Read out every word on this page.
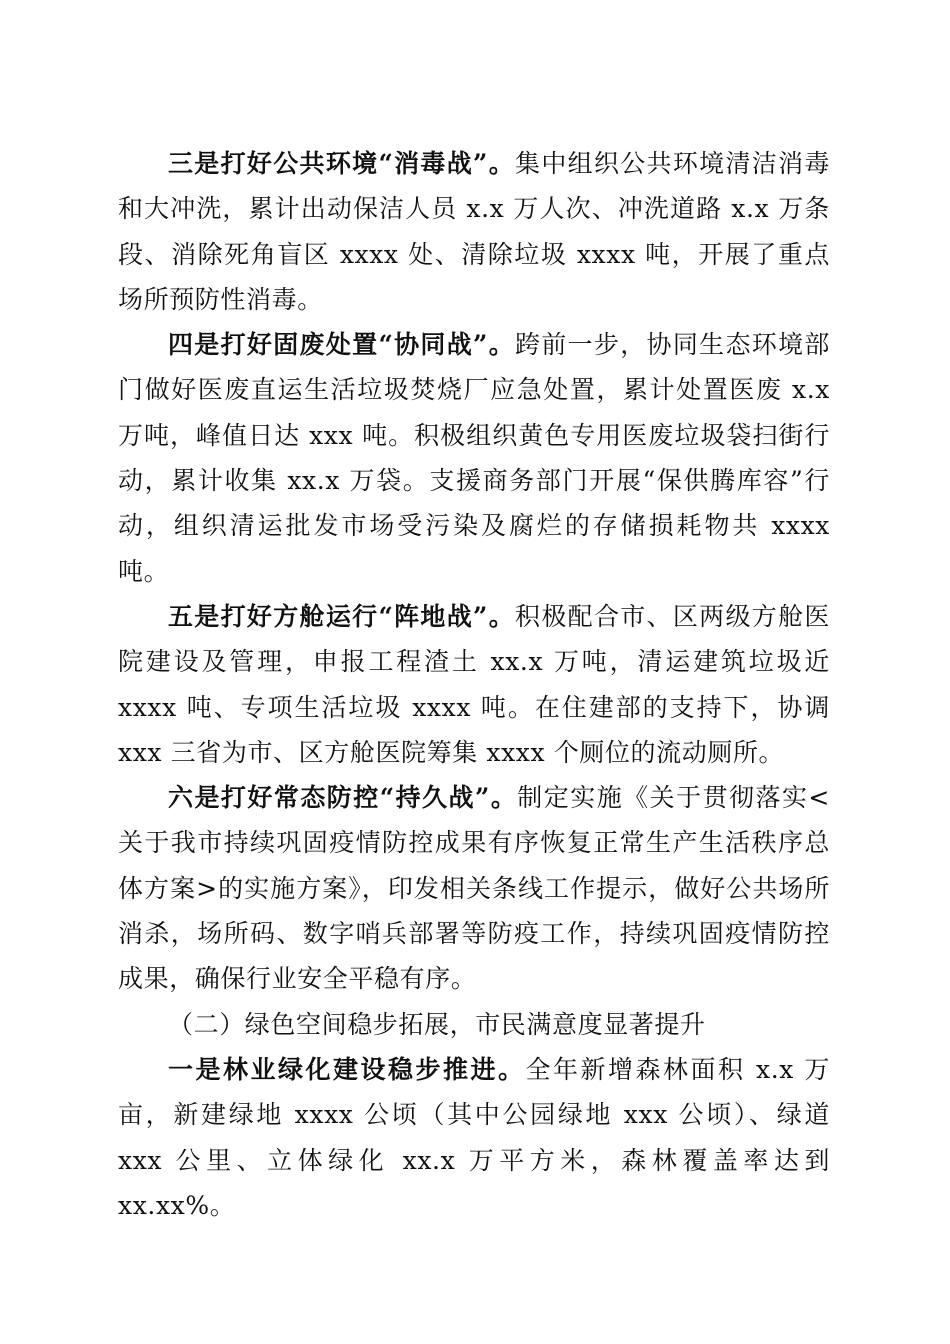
三是打好公共环境“消毒战”。集中组织公共环境清洁消毒和大冲洗，累计出动保洁人员 x.x 万人次、冲洗道路 x.x 万条段、消除死角盲区 xxxx 处、清除垃圾 xxxx 吨，开展了重点场所预防性消毒。

四是打好固废处置“协同战”。跨前一步，协同生态环境部门做好医废直运生活垃圾焚烧厂应急处置，累计处置医废 x.x 万吨，峰值日达 xxx 吨。积极组织黄色专用医废垃圾袋扫街行动，累计收集 xx.x 万袋。支援商务部门开展“保供腾库容”行动，组织清运批发市场受污染及腐烂的存储损耗物共 xxxx 吨。

五是打好方舱运行“阵地战”。积极配合市、区两级方舱医院建设及管理，申报工程渣土 xx.x 万吨，清运建筑垃圾近 xxxx 吨、专项生活垃圾 xxxx 吨。在住建部的支持下，协调 xxx 三省为市、区方舱医院筹集 xxxx 个厕位的流动厕所。

六是打好常态防控“持久战”。制定实施《关于贯彻落实<关于我市持续巩固疫情防控成果有序恢复正常生产生活秩序总体方案>的实施方案》，印发相关条线工作提示，做好公共场所消杀，场所码、数字哨兵部署等防疫工作，持续巩固疫情防控成果，确保行业安全平稳有序。

（二）绿色空间稳步拓展，市民满意度显著提升

一是林业绿化建设稳步推进。全年新增森林面积 x.x 万亩，新建绿地 xxxx 公顷（其中公园绿地 xxx 公顷）、绿道 xxx 公里、立体绿化 xx.x 万平方米，森林覆盖率达到 xx.xx%。
